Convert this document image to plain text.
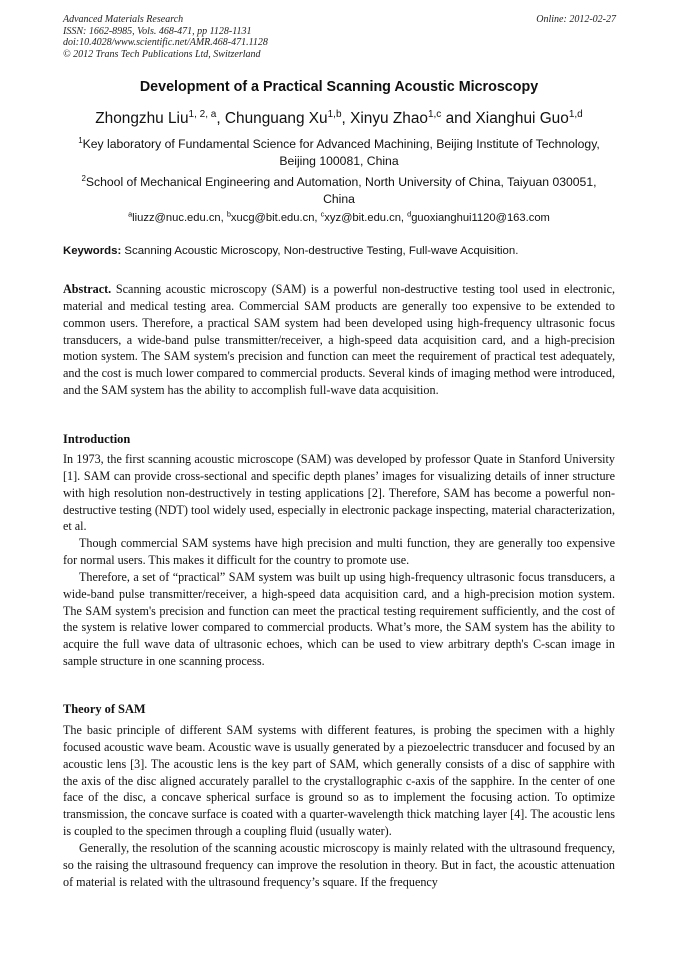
Advanced Materials Research
ISSN: 1662-8985, Vols. 468-471, pp 1128-1131
doi:10.4028/www.scientific.net/AMR.468-471.1128
© 2012 Trans Tech Publications Ltd, Switzerland
Online: 2012-02-27
Development of a Practical Scanning Acoustic Microscopy
Zhongzhu Liu$^{1, 2, a}$, Chunguang Xu$^{1,b}$, Xinyu Zhao$^{1,c}$ and Xianghui Guo$^{1,d}$
$^1$Key laboratory of Fundamental Science for Advanced Machining, Beijing Institute of Technology, Beijing 100081, China
$^2$School of Mechanical Engineering and Automation, North University of China, Taiyuan 030051, China
$^a$liuzz@nuc.edu.cn, $^b$xucg@bit.edu.cn, $^c$xyz@bit.edu.cn, $^d$guoxianghui1120@163.com
Keywords: Scanning Acoustic Microscopy, Non-destructive Testing, Full-wave Acquisition.

Abstract. Scanning acoustic microscopy (SAM) is a powerful non-destructive testing tool used in electronic, material and medical testing area. Commercial SAM products are generally too expensive to be extended to common users. Therefore, a practical SAM system had been developed using high-frequency ultrasonic focus transducers, a wide-band pulse transmitter/receiver, a high-speed data acquisition card, and a high-precision motion system. The SAM system's precision and function can meet the requirement of practical test adequately, and the cost is much lower compared to commercial products. Several kinds of imaging method were introduced, and the SAM system has the ability to accomplish full-wave data acquisition.

Introduction

In 1973, the first scanning acoustic microscope (SAM) was developed by professor Quate in Stanford University [1]. SAM can provide cross-sectional and specific depth planes’ images for visualizing details of inner structure with high resolution non-destructively in testing applications [2]. Therefore, SAM has become a powerful non-destructive testing (NDT) tool widely used, especially in electronic package inspecting, material characterization, et al.

Though commercial SAM systems have high precision and multi function, they are generally too expensive for normal users. This makes it difficult for the country to promote use.

Therefore, a set of “practical” SAM system was built up using high-frequency ultrasonic focus transducers, a wide-band pulse transmitter/receiver, a high-speed data acquisition card, and a high-precision motion system. The SAM system's precision and function can meet the practical testing requirement sufficiently, and the cost of the system is relative lower compared to commercial products. What’s more, the SAM system has the ability to acquire the full wave data of ultrasonic echoes, which can be used to view arbitrary depth's C-scan image in sample structure in one scanning process.

Theory of SAM

The basic principle of different SAM systems with different features, is probing the specimen with a highly focused acoustic wave beam. Acoustic wave is usually generated by a piezoelectric transducer and focused by an acoustic lens [3]. The acoustic lens is the key part of SAM, which generally consists of a disc of sapphire with the axis of the disc aligned accurately parallel to the crystallographic c-axis of the sapphire. In the center of one face of the disc, a concave spherical surface is ground so as to implement the focusing action. To optimize transmission, the concave surface is coated with a quarter-wavelength thick matching layer [4]. The acoustic lens is coupled to the specimen through a coupling fluid (usually water).

Generally, the resolution of the scanning acoustic microscopy is mainly related with the ultrasound frequency, so the raising the ultrasound frequency can improve the resolution in theory. But in fact, the acoustic attenuation of material is related with the ultrasound frequency’s square. If the frequency
